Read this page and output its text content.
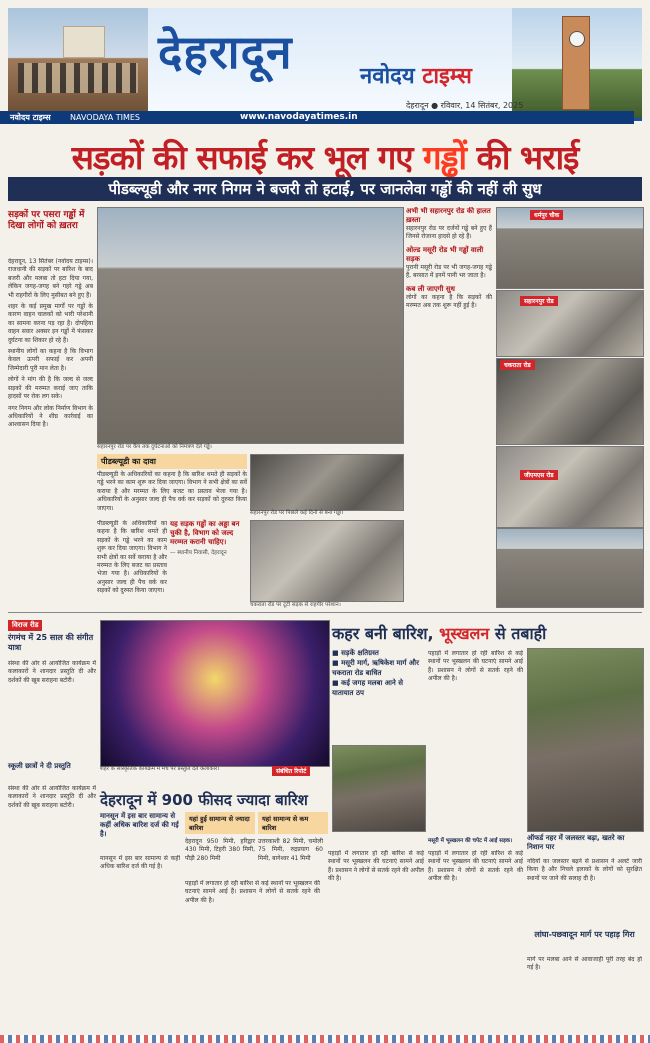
देहरादून	नवोदय टाइम्स
देहरादून ● रविवार, 14 सितंबर, 2025
नवोदय टाइम्स NAVODAYA TIMES	www.navodayatimes.in
सड़कों की सफाई कर भूल गए गड्ढों की भराई
पीडब्ल्यूडी और नगर निगम ने बजरी तो हटाई, पर जानलेवा गड्ढों की नहीं ली सुध
सड़कों पर पसरा गड्ढों में दिखा लोगों को ख़तरा

देहरादून, 13 सितंबर (नवोदय टाइम्स)। राजधानी की सड़कों पर बारिश के बाद बजरी और मलबा तो हटा दिया गया, लेकिन जगह-जगह बने गहरे गड्ढे अब भी राहगीरों के लिए मुसीबत बने हुए हैं।

शहर के कई प्रमुख मार्गों पर गड्ढों के कारण वाहन चालकों को भारी परेशानी का सामना करना पड़ रहा है। दोपहिया वाहन सवार अक्सर इन गड्ढों में फंसकर दुर्घटना का शिकार हो रहे हैं।

स्थानीय लोगों का कहना है कि विभाग केवल ऊपरी सफाई कर अपनी जिम्मेदारी पूरी मान लेता है।

लोगों ने मांग की है कि जल्द से जल्द सड़कों की मरम्मत कराई जाए ताकि हादसों पर रोक लग सके।

नगर निगम और लोक निर्माण विभाग के अधिकारियों ने शीघ्र कार्रवाई का आश्वासन दिया है।

सहारनपुर रोड पर कैंप तक दुर्घटनाओं को निमंत्रण देते गड्ढे।
पीडब्ल्यूडी का दावा
पीडब्ल्यूडी के अधिकारियों का कहना है कि बारिश थमते ही सड़कों के गड्ढे भरने का काम शुरू कर दिया जाएगा। विभाग ने सभी क्षेत्रों का सर्वे कराया है और मरम्मत के लिए बजट का प्रस्ताव भेजा गया है। अधिकारियों के अनुसार जल्द ही पैच वर्क कर सड़कों को दुरुस्त किया जाएगा।
सहारनपुर रोड पर पिछले कई दिनों से बना गड्ढा।
पीडब्ल्यूडी के अधिकारियों का कहना है कि बारिश थमते ही सड़कों के गड्ढे भरने का काम शुरू कर दिया जाएगा। विभाग ने सभी क्षेत्रों का सर्वे कराया है और मरम्मत के लिए बजट का प्रस्ताव भेजा गया है। अधिकारियों के अनुसार जल्द ही पैच वर्क कर सड़कों को दुरुस्त किया जाएगा।
यह सड़क गड्ढों का अड्डा बन चुकी है, विभाग को जल्द मरम्मत करानी चाहिए।
— स्थानीय निवासी, देहरादून
चकराता रोड पर टूटी सड़क से राहगीर परेशान।
अभी भी सहारनपुर रोड की हालत ख़स्ता
सहारनपुर रोड पर दर्जनों गड्ढे बने हुए हैं जिनसे रोजाना हादसे हो रहे हैं।
ओल्ड मसूरी रोड भी गड्ढों वाली सड़क
पुरानी मसूरी रोड पर भी जगह-जगह गड्ढे हैं, बरसात में इनमें पानी भर जाता है।
कब ली जाएगी सुध
लोगों का कहना है कि सड़कों की मरम्मत अब तक शुरू नहीं हुई है।
धर्मपुर चौक
सहारनपुर रोड
चकराता रोड
जीएमएस रोड
विराज रीड
रंगमंच में 25 साल की संगीत यात्रा
संस्था की ओर से आयोजित कार्यक्रम में कलाकारों ने शानदार प्रस्तुति दी और दर्शकों की खूब सराहना बटोरी।
स्कूली छात्रों ने दी प्रस्तुति
संस्था की ओर से आयोजित कार्यक्रम में कलाकारों ने शानदार प्रस्तुति दी और दर्शकों की खूब सराहना बटोरी।
शहर के सांस्कृतिक कार्यक्रम में मंच पर प्रस्तुति देते कलाकार।	संबंधित रिपोर्ट
कहर बनी बारिश, भूस्खलन से तबाही
■ सड़कें क्षतिग्रस्त
■ मसूरी मार्ग, ऋषिकेश मार्ग और चकराता रोड बाधित
■ कई जगह मलबा आने से यातायात ठप
पहाड़ों में लगातार हो रही बारिश से कई स्थानों पर भूस्खलन की घटनाएं सामने आई हैं। प्रशासन ने लोगों से सतर्क रहने की अपील की है।
मसूरी में भूस्खलन की चपेट में आई सड़क।
देहरादून में 900 फीसद ज्यादा बारिश
मानसून में इस बार सामान्य से कहीं अधिक बारिश दर्ज की गई है।
यहां हुई सामान्य से ज्यादा बारिश
देहरादून 950 मिमी, हरिद्वार 430 मिमी, टिहरी 380 मिमी, पौड़ी 280 मिमी
यहां सामान्य से कम बारिश
उत्तरकाशी 82 मिमी, चमोली 75 मिमी, रुद्रप्रयाग 60 मिमी, बागेश्वर 41 मिमी
मानसून में इस बार सामान्य से कहीं अधिक बारिश दर्ज की गई है।
पहाड़ों में लगातार हो रही बारिश से कई स्थानों पर भूस्खलन की घटनाएं सामने आई हैं। प्रशासन ने लोगों से सतर्क रहने की अपील की है।
पहाड़ों में लगातार हो रही बारिश से कई स्थानों पर भूस्खलन की घटनाएं सामने आई हैं। प्रशासन ने लोगों से सतर्क रहने की अपील की है।
पहाड़ों में लगातार हो रही बारिश से कई स्थानों पर भूस्खलन की घटनाएं सामने आई हैं। प्रशासन ने लोगों से सतर्क रहने की अपील की है।
ऑफर्ड नहर में जलस्तर बढ़ा, खतरे का निशान पार
नदियों का जलस्तर बढ़ने से प्रशासन ने अलर्ट जारी किया है और निचले इलाकों के लोगों को सुरक्षित स्थानों पर जाने की सलाह दी है।
लांघा-पछवादून मार्ग पर पहाड़ गिरा
मार्ग पर मलबा आने से आवाजाही पूरी तरह बंद हो गई है।
